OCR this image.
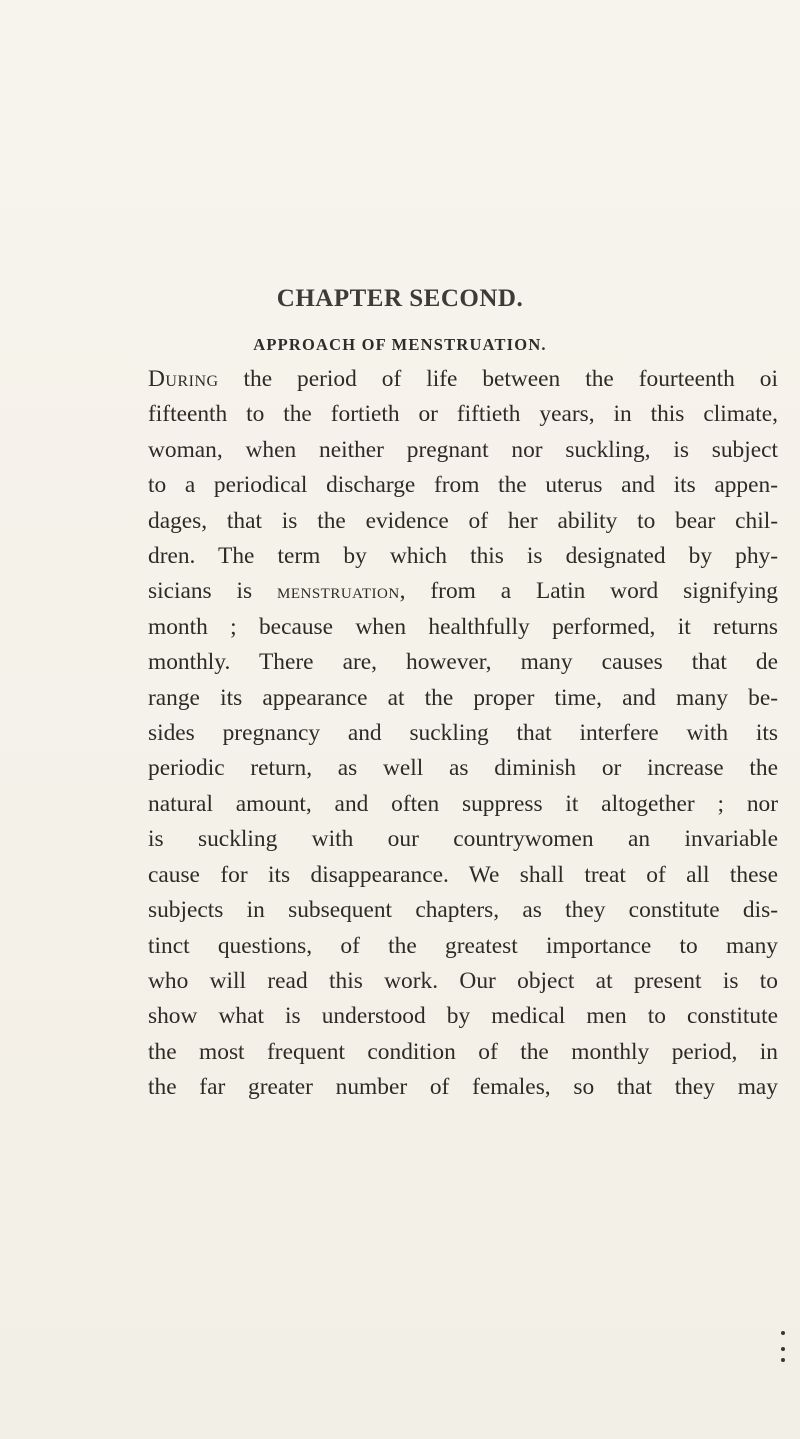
CHAPTER SECOND.
APPROACH OF MENSTRUATION.
During the period of life between the fourteenth oi
fifteenth to the fortieth or fiftieth years, in this climate,
woman, when neither pregnant nor suckling, is subject
to a periodical discharge from the uterus and its appen-
dages, that is the evidence of her ability to bear chil-
dren. The term by which this is designated by phy-
sicians is menstruation, from a Latin word signifying
month ; because when healthfully performed, it returns
monthly. There are, however, many causes that de
range its appearance at the proper time, and many be-
sides pregnancy and suckling that interfere with its
periodic return, as well as diminish or increase the
natural amount, and often suppress it altogether ; nor
is suckling with our countrywomen an invariable
cause for its disappearance. We shall treat of all these
subjects in subsequent chapters, as they constitute dis-
tinct questions, of the greatest importance to many
who will read this work. Our object at present is to
show what is understood by medical men to constitute
the most frequent condition of the monthly period, in
the far greater number of females, so that they may
